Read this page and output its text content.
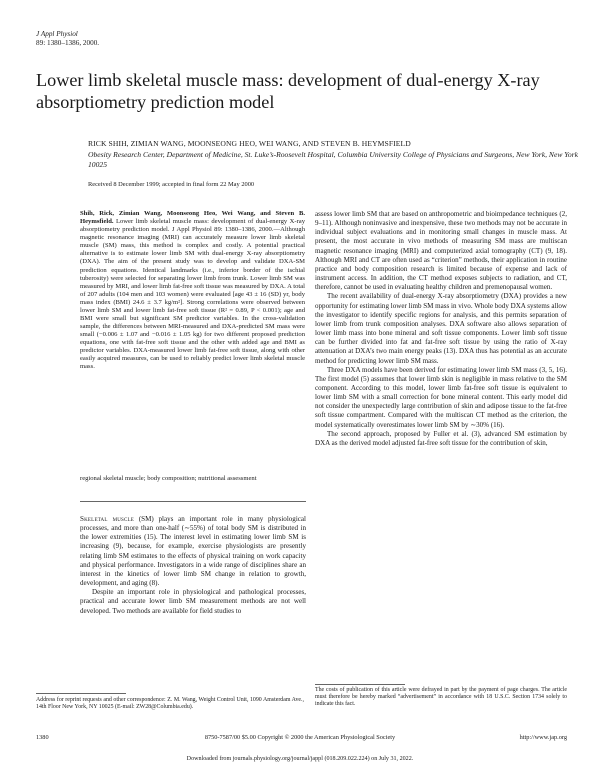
J Appl Physiol
89: 1380–1386, 2000.
Lower limb skeletal muscle mass: development of dual-energy X-ray absorptiometry prediction model
RICK SHIH, ZIMIAN WANG, MOONSEONG HEO, WEI WANG, AND STEVEN B. HEYMSFIELD
Obesity Research Center, Department of Medicine, St. Luke’s-Roosevelt Hospital, Columbia University College of Physicians and Surgeons, New York, New York 10025
Received 8 December 1999; accepted in final form 22 May 2000
Shih, Rick, Zimian Wang, Moonseong Heo, Wei Wang, and Steven B. Heymsfield. Lower limb skeletal muscle mass: development of dual-energy X-ray absorptiometry prediction model. J Appl Physiol 89: 1380–1386, 2000.—Although magnetic resonance imaging (MRI) can accurately measure lower limb skeletal muscle (SM) mass, this method is complex and costly. A potential practical alternative is to estimate lower limb SM with dual-energy X-ray absorptiometry (DXA). The aim of the present study was to develop and validate DXA-SM prediction equations. Identical landmarks (i.e., inferior border of the ischial tuberosity) were selected for separating lower limb from trunk. Lower limb SM was measured by MRI, and lower limb fat-free soft tissue was measured by DXA. A total of 207 adults (104 men and 103 women) were evaluated [age 43 ± 16 (SD) yr, body mass index (BMI) 24.6 ± 3.7 kg/m²]. Strong correlations were observed between lower limb SM and lower limb fat-free soft tissue (R² = 0.89, P < 0.001); age and BMI were small but significant SM predictor variables. In the cross-validation sample, the differences between MRI-measured and DXA-predicted SM mass were small (−0.006 ± 1.07 and −0.016 ± 1.05 kg) for two different proposed prediction equations, one with fat-free soft tissue and the other with added age and BMI as predictor variables. DXA-measured lower limb fat-free soft tissue, along with other easily acquired measures, can be used to reliably predict lower limb skeletal muscle mass.
regional skeletal muscle; body composition; nutritional assessment

Skeletal muscle (SM) plays an important role in many physiological processes, and more than one-half (∼55%) of total body SM is distributed in the lower extremities (15). The interest level in estimating lower limb SM is increasing (9), because, for example, exercise physiologists are presently relating limb SM estimates to the effects of physical training on work capacity and physical performance. Investigators in a wide range of disciplines share an interest in the kinetics of lower limb SM change in relation to growth, development, and aging (8).

Despite an important role in physiological and pathological processes, practical and accurate lower limb SM measurement methods are not well developed. Two methods are available for field studies to

assess lower limb SM that are based on anthropometric and bioimpedance techniques (2, 9–11). Although noninvasive and inexpensive, these two methods may not be accurate in individual subject evaluations and in monitoring small changes in muscle mass. At present, the most accurate in vivo methods of measuring SM mass are multiscan magnetic resonance imaging (MRI) and computerized axial tomography (CT) (9, 18). Although MRI and CT are often used as “criterion” methods, their application in routine practice and body composition research is limited because of expense and lack of instrument access. In addition, the CT method exposes subjects to radiation, and CT, therefore, cannot be used in evaluating healthy children and premenopausal women.

The recent availability of dual-energy X-ray absorptiometry (DXA) provides a new opportunity for estimating lower limb SM mass in vivo. Whole body DXA systems allow the investigator to identify specific regions for analysis, and this permits separation of lower limb from trunk composition analyses. DXA software also allows separation of lower limb mass into bone mineral and soft tissue components. Lower limb soft tissue can be further divided into fat and fat-free soft tissue by using the ratio of X-ray attenuation at DXA’s two main energy peaks (13). DXA thus has potential as an accurate method for predicting lower limb SM mass.

Three DXA models have been derived for estimating lower limb SM mass (3, 5, 16). The first model (5) assumes that lower limb skin is negligible in mass relative to the SM component. According to this model, lower limb fat-free soft tissue is equivalent to lower limb SM with a small correction for bone mineral content. This early model did not consider the unexpectedly large contribution of skin and adipose tissue to the fat-free soft tissue compartment. Compared with the multiscan CT method as the criterion, the model systematically overestimates lower limb SM by ∼30% (16).

The second approach, proposed by Fuller et al. (3), advanced SM estimation by DXA as the derived model adjusted fat-free soft tissue for the contribution of skin,

Address for reprint requests and other correspondence: Z. M. Wang, Weight Control Unit, 1090 Amsterdam Ave., 14th Floor New York, NY 10025 (E-mail: ZW28@Columbia.edu).
The costs of publication of this article were defrayed in part by the payment of page charges. The article must therefore be hereby marked “advertisement” in accordance with 18 U.S.C. Section 1734 solely to indicate this fact.
1380	8750-7587/00 $5.00 Copyright © 2000 the American Physiological Society	http://www.jap.org
Downloaded from journals.physiology.org/journal/jappl (018.209.022.224) on July 31, 2022.
